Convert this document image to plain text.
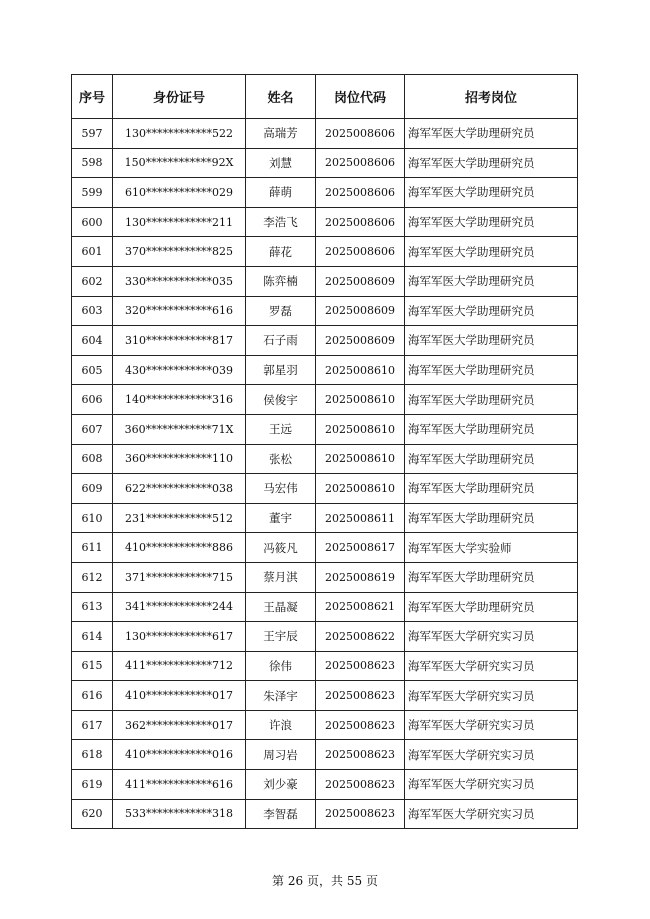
序号	身份证号	姓名	岗位代码	招考岗位
597	130************522	高瑞芳	2025008606	海军军医大学助理研究员
598	150************92X	刘慧	2025008606	海军军医大学助理研究员
599	610************029	薛萌	2025008606	海军军医大学助理研究员
600	130************211	李浩飞	2025008606	海军军医大学助理研究员
601	370************825	薛花	2025008606	海军军医大学助理研究员
602	330************035	陈弈楠	2025008609	海军军医大学助理研究员
603	320************616	罗磊	2025008609	海军军医大学助理研究员
604	310************817	石子雨	2025008609	海军军医大学助理研究员
605	430************039	郭星羽	2025008610	海军军医大学助理研究员
606	140************316	侯俊宇	2025008610	海军军医大学助理研究员
607	360************71X	王远	2025008610	海军军医大学助理研究员
608	360************110	张松	2025008610	海军军医大学助理研究员
609	622************038	马宏伟	2025008610	海军军医大学助理研究员
610	231************512	董宇	2025008611	海军军医大学助理研究员
611	410************886	冯筱凡	2025008617	海军军医大学实验师
612	371************715	蔡月淇	2025008619	海军军医大学助理研究员
613	341************244	王晶凝	2025008621	海军军医大学助理研究员
614	130************617	王宇辰	2025008622	海军军医大学研究实习员
615	411************712	徐伟	2025008623	海军军医大学研究实习员
616	410************017	朱泽宇	2025008623	海军军医大学研究实习员
617	362************017	许浪	2025008623	海军军医大学研究实习员
618	410************016	周习岩	2025008623	海军军医大学研究实习员
619	411************616	刘少豪	2025008623	海军军医大学研究实习员
620	533************318	李智磊	2025008623	海军军医大学研究实习员
第 26 页，共 55 页
